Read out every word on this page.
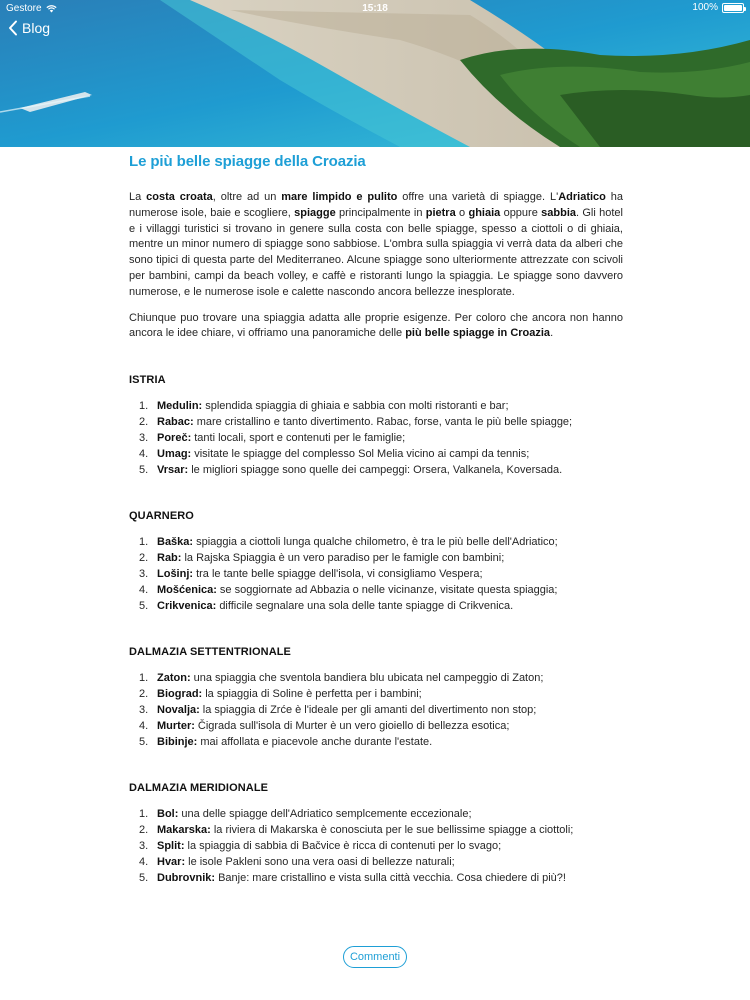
Gestore	15:18	100%
Blog
Le più belle spiagge della Croazia

La costa croata, oltre ad un mare limpido e pulito offre una varietà di spiagge. L'Adriatico ha numerose isole, baie e scogliere, spiagge principalmente in pietra o ghiaia oppure sabbia. Gli hotel e i villaggi turistici si trovano in genere sulla costa con belle spiagge, spesso a ciottoli o di ghiaia, mentre un minor numero di spiagge sono sabbiose. L'ombra sulla spiaggia vi verrà data da alberi che sono tipici di questa parte del Mediterraneo. Alcune spiagge sono ulteriormente attrezzate con scivoli per bambini, campi da beach volley, e caffè e ristoranti lungo la spiaggia. Le spiagge sono davvero numerose, e le numerose isole e calette nascondo ancora bellezze inesplorate.

Chiunque puo trovare una spiaggia adatta alle proprie esigenze. Per coloro che ancora non hanno ancora le idee chiare, vi offriamo una panoramiche delle più belle spiagge in Croazia.

ISTRIA
1. Medulin: splendida spiaggia di ghiaia e sabbia con molti ristoranti e bar;
2. Rabac: mare cristallino e tanto divertimento. Rabac, forse, vanta le più belle spiagge;
3. Poreč: tanti locali, sport e contenuti per le famiglie;
4. Umag: visitate le spiagge del complesso Sol Melia vicino ai campi da tennis;
5. Vrsar: le migliori spiagge sono quelle dei campeggi: Orsera, Valkanela, Koversada.
QUARNERO
1. Baška: spiaggia a ciottoli lunga qualche chilometro, è tra le più belle dell'Adriatico;
2. Rab: la Rajska Spiaggia è un vero paradiso per le famigle con bambini;
3. Lošinj: tra le tante belle spiagge dell'isola, vi consigliamo Vespera;
4. Mošćenica: se soggiornate ad Abbazia o nelle vicinanze, visitate questa spiaggia;
5. Crikvenica: difficile segnalare una sola delle tante spiagge di Crikvenica.
DALMAZIA SETTENTRIONALE
1. Zaton: una spiaggia che sventola bandiera blu ubicata nel campeggio di Zaton;
2. Biograd: la spiaggia di Soline è perfetta per i bambini;
3. Novalja: la spiaggia di Zrće è l'ideale per gli amanti del divertimento non stop;
4. Murter: Čigrada sull'isola di Murter è un vero gioiello di bellezza esotica;
5. Bibinje: mai affollata e piacevole anche durante l'estate.
DALMAZIA MERIDIONALE
1. Bol: una delle spiagge dell'Adriatico semplcemente eccezionale;
2. Makarska: la riviera di Makarska è conosciuta per le sue bellissime spiagge a ciottoli;
3. Split: la spiaggia di sabbia di Bačvice è ricca di contenuti per lo svago;
4. Hvar: le isole Pakleni sono una vera oasi di bellezze naturali;
5. Dubrovnik: Banje: mare cristallino e vista sulla città vecchia. Cosa chiedere di più?!
Commenti
